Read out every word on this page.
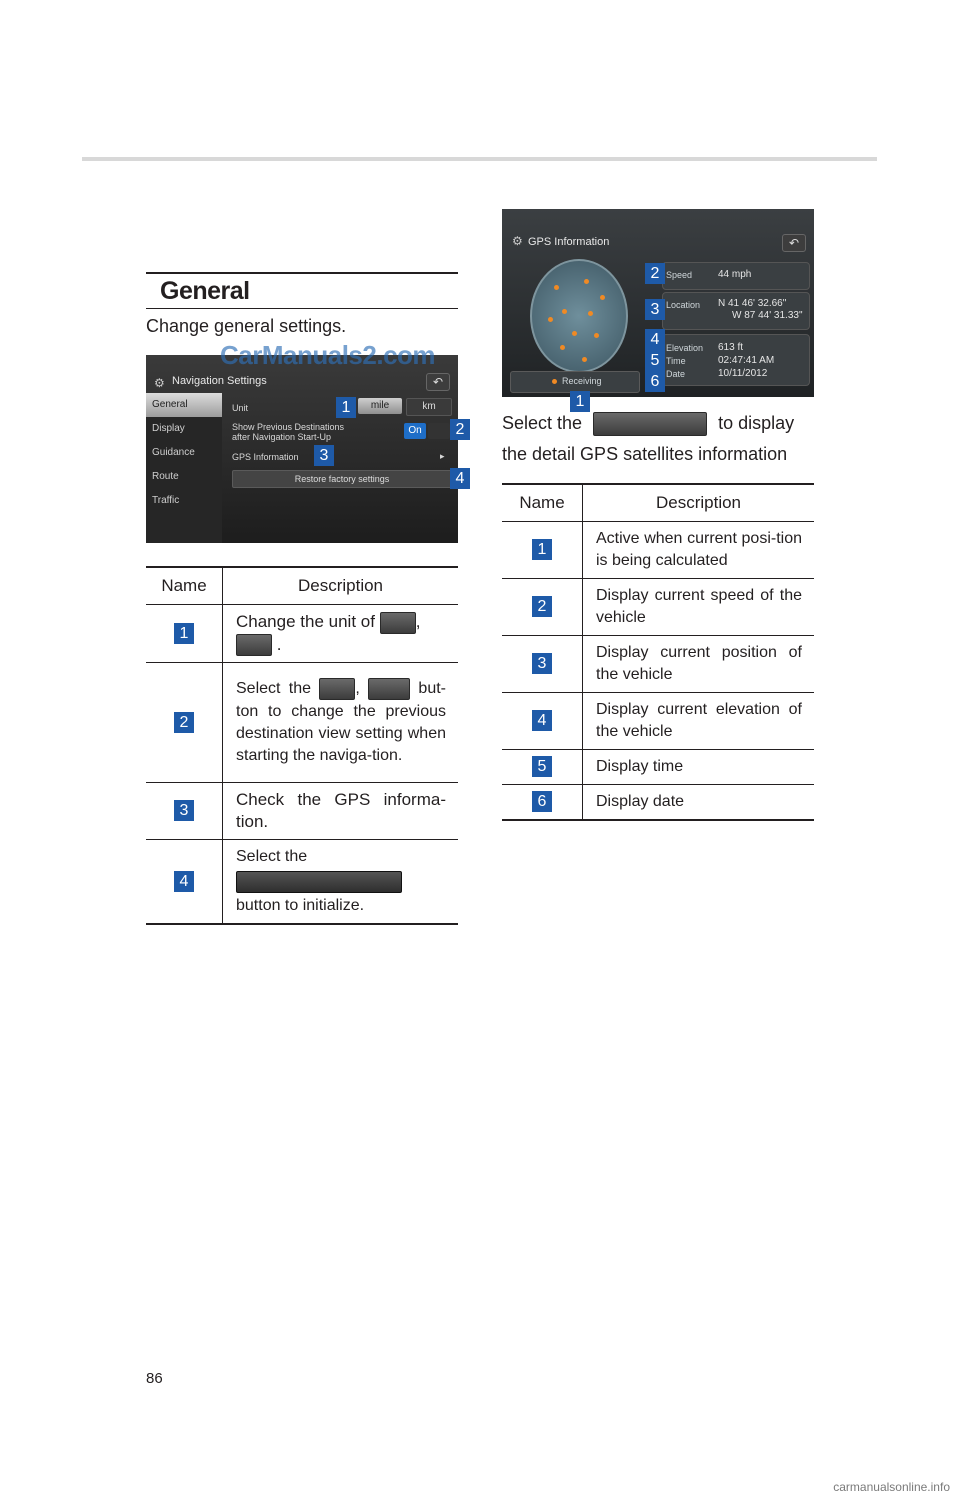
General
Change general settings.
⚙ Navigation Settings	↶
General
Display
Guidance
Route
Traffic
Unit	mile	km
Show Previous Destinations
after Navigation Start-Up
On
GPS Information	▸
Restore factory settings
1
3
2
4
CarManuals2.com
Name	Description
1	Change the unit of ,
.
2	Select the , but- ton to change the previous destination view setting when starting the naviga-tion.
3	Check the GPS informa-tion.
4	Select the
button to initialize.
⚙ GPS Information	↶
Speed	44 mph
Location N 41 46' 32.66"
W 87 44' 31.33"
Elevation 613 ft
Time	02:47:41 AM
Date	10/11/2012
Receiving
2
3
4
5
6
1
Select the	to display
the detail GPS satellites information
Name	Description
1	Active when current posi-tion is being calculated
2	Display current speed of the vehicle
3	Display current position of the vehicle
4	Display current elevation of the vehicle
5	Display time
6	Display date
86
carmanualsonline.info
